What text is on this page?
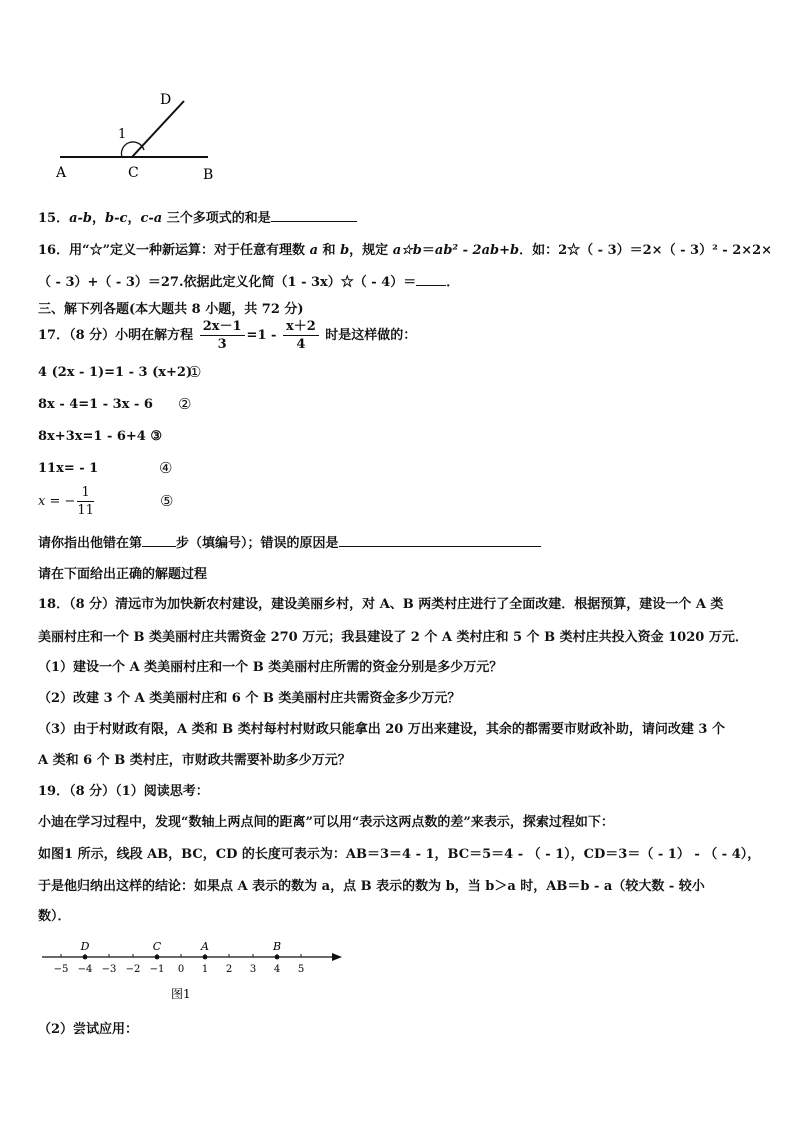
D
1
A	C	B
15．a-b，b-c，c-a 三个多项式的和是
16．用“☆”定义一种新运算：对于任意有理数 a 和 b，规定 a☆b＝ab² - 2ab+b．如：2☆（ - 3）＝2×（ - 3）² - 2×2×
（ - 3）+（ - 3）＝27.依据此定义化简（1 - 3x）☆（ - 4）＝ ．
三、解下列各题(本大题共 8 小题，共 72 分)
17．（8 分）小明在解方程 $\frac{2x-1}{3} =1 - \frac{x+2}{4}$ 时是这样做的：
4 (2x - 1)=1 - 3 (x+2)
①
8x - 4=1 - 3x - 6 ②
8x+3x=1 - 6+4 ③
11x= - 1	④
x = − $\frac{1}{11}$	⑤
请你指出他错在第	步（填编号）；错误的原因是
请在下面给出正确的解题过程
18．（8 分）清远市为加快新农村建设，建设美丽乡村，对 A、B 两类村庄进行了全面改建．根据预算，建设一个 A 类
美丽村庄和一个 B 类美丽村庄共需资金 270 万元；我县建设了 2 个 A 类村庄和 5 个 B 类村庄共投入资金 1020 万元．
（1）建设一个 A 类美丽村庄和一个 B 类美丽村庄所需的资金分别是多少万元？
（2）改建 3 个 A 类美丽村庄和 6 个 B 类美丽村庄共需资金多少万元？
（3）由于村财政有限，A 类和 B 类村每村村财政只能拿出 20 万出来建设，其余的都需要市财政补助，请问改建 3 个
A 类和 6 个 B 类村庄，市财政共需要补助多少万元？
19．（8 分）（1）阅读思考：
小迪在学习过程中，发现“数轴上两点间的距离”可以用“表示这两点数的差”来表示，探索过程如下：
如图1 所示，线段 AB，BC，CD 的长度可表示为：AB＝3＝4 - 1，BC＝5＝4 - （ - 1），CD＝3＝（ - 1） - （ - 4），
于是他归纳出这样的结论：如果点 A 表示的数为 a，点 B 表示的数为 b，当 b＞a 时，AB＝b - a（较大数 - 较小
数）．
−5 −4 −3 −2 −1 0 1 2 3 4 5
D	C	A	B
图1
（2）尝试应用：
